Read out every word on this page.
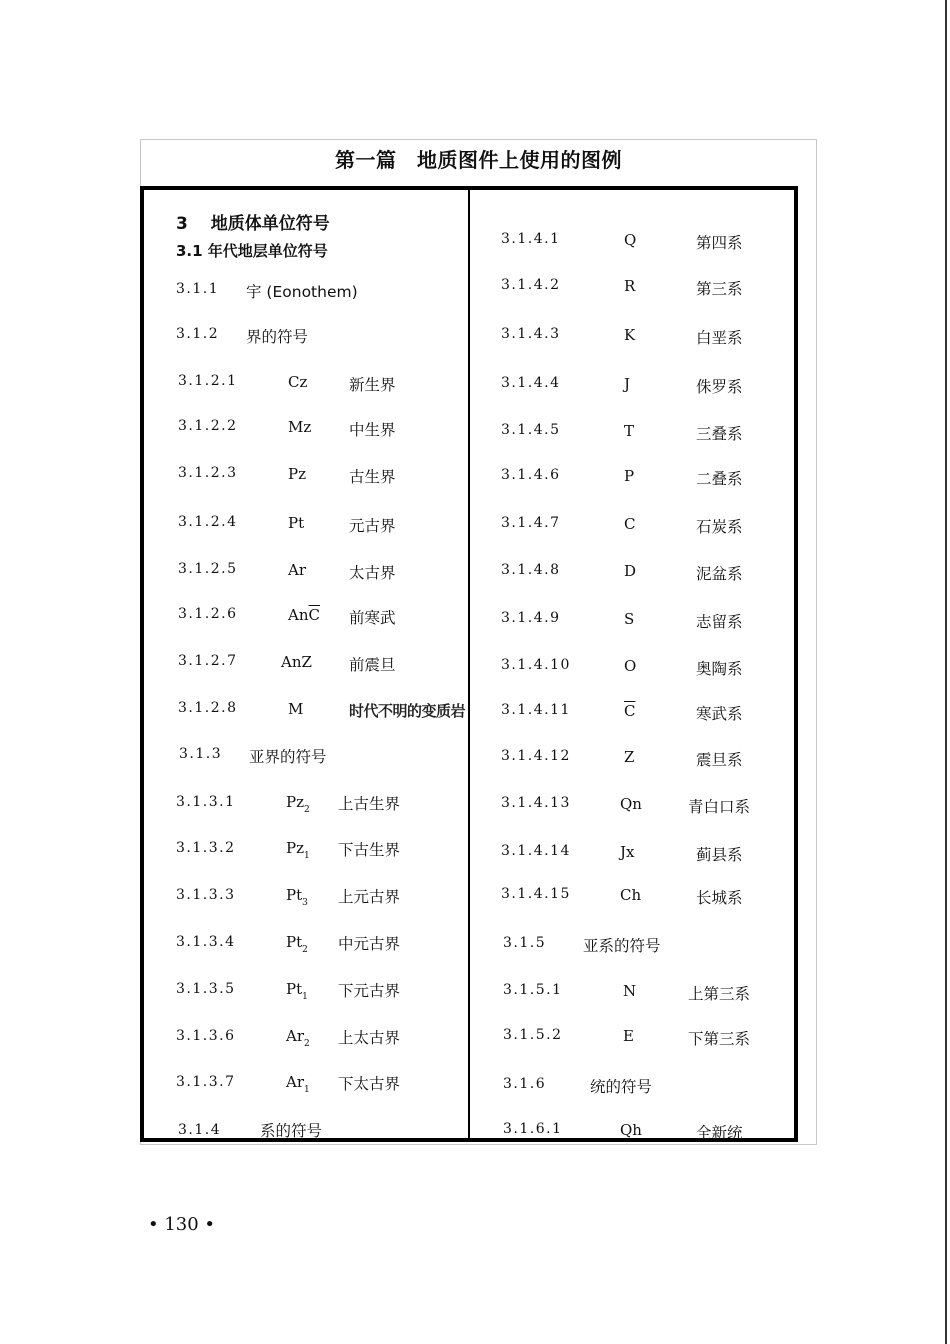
第一篇　地质图件上使用的图例
3　 地质体单位符号
3.1 年代地层单位符号
3.1.1 宇 (Eonothem)
3.1.2 界的符号
3.1.2.1	Cz	新生界
3.1.2.2	Mz 中生界
3.1.2.3	Pz	古生界
3.1.2.4	Pt	元古界
3.1.2.5	Ar	太古界
3.1.2.6	$An\overline{C}$ 前寒武
3.1.2.7	AnZ 前震旦
3.1.2.8	M	时代不明的变质岩
3.1.3 亚界的符号
3.1.3.1	$Pz_2$ 上古生界
3.1.3.2	$Pz_1$ 下古生界
3.1.3.3	$Pt_3$ 上元古界
3.1.3.4	$Pt_2$ 中元古界
3.1.3.5	$Pt_1$ 下元古界
3.1.3.6	$Ar_2$ 上太古界
3.1.3.7	$Ar_1$ 下太古界
3.1.4	系的符号
3.1.4.1	Q	第四系
3.1.4.2	R	第三系
3.1.4.3	K	白垩系
3.1.4.4	J	侏罗系
3.1.4.5	T	三叠系
3.1.4.6	P	二叠系
3.1.4.7	C	石炭系
3.1.4.8	D	泥盆系
3.1.4.9	S	志留系
3.1.4.10	O	奥陶系
3.1.4.11	$\overline{C}$	寒武系
3.1.4.12	Z	震旦系
3.1.4.13	Qn	青白口系
3.1.4.14	Jx	蓟县系
3.1.4.15	Ch	长城系
3.1.5 亚系的符号
3.1.5.1	N	上第三系
3.1.5.2	E	下第三系
3.1.6	统的符号
3.1.6.1	Qh	全新统
• 130 •
